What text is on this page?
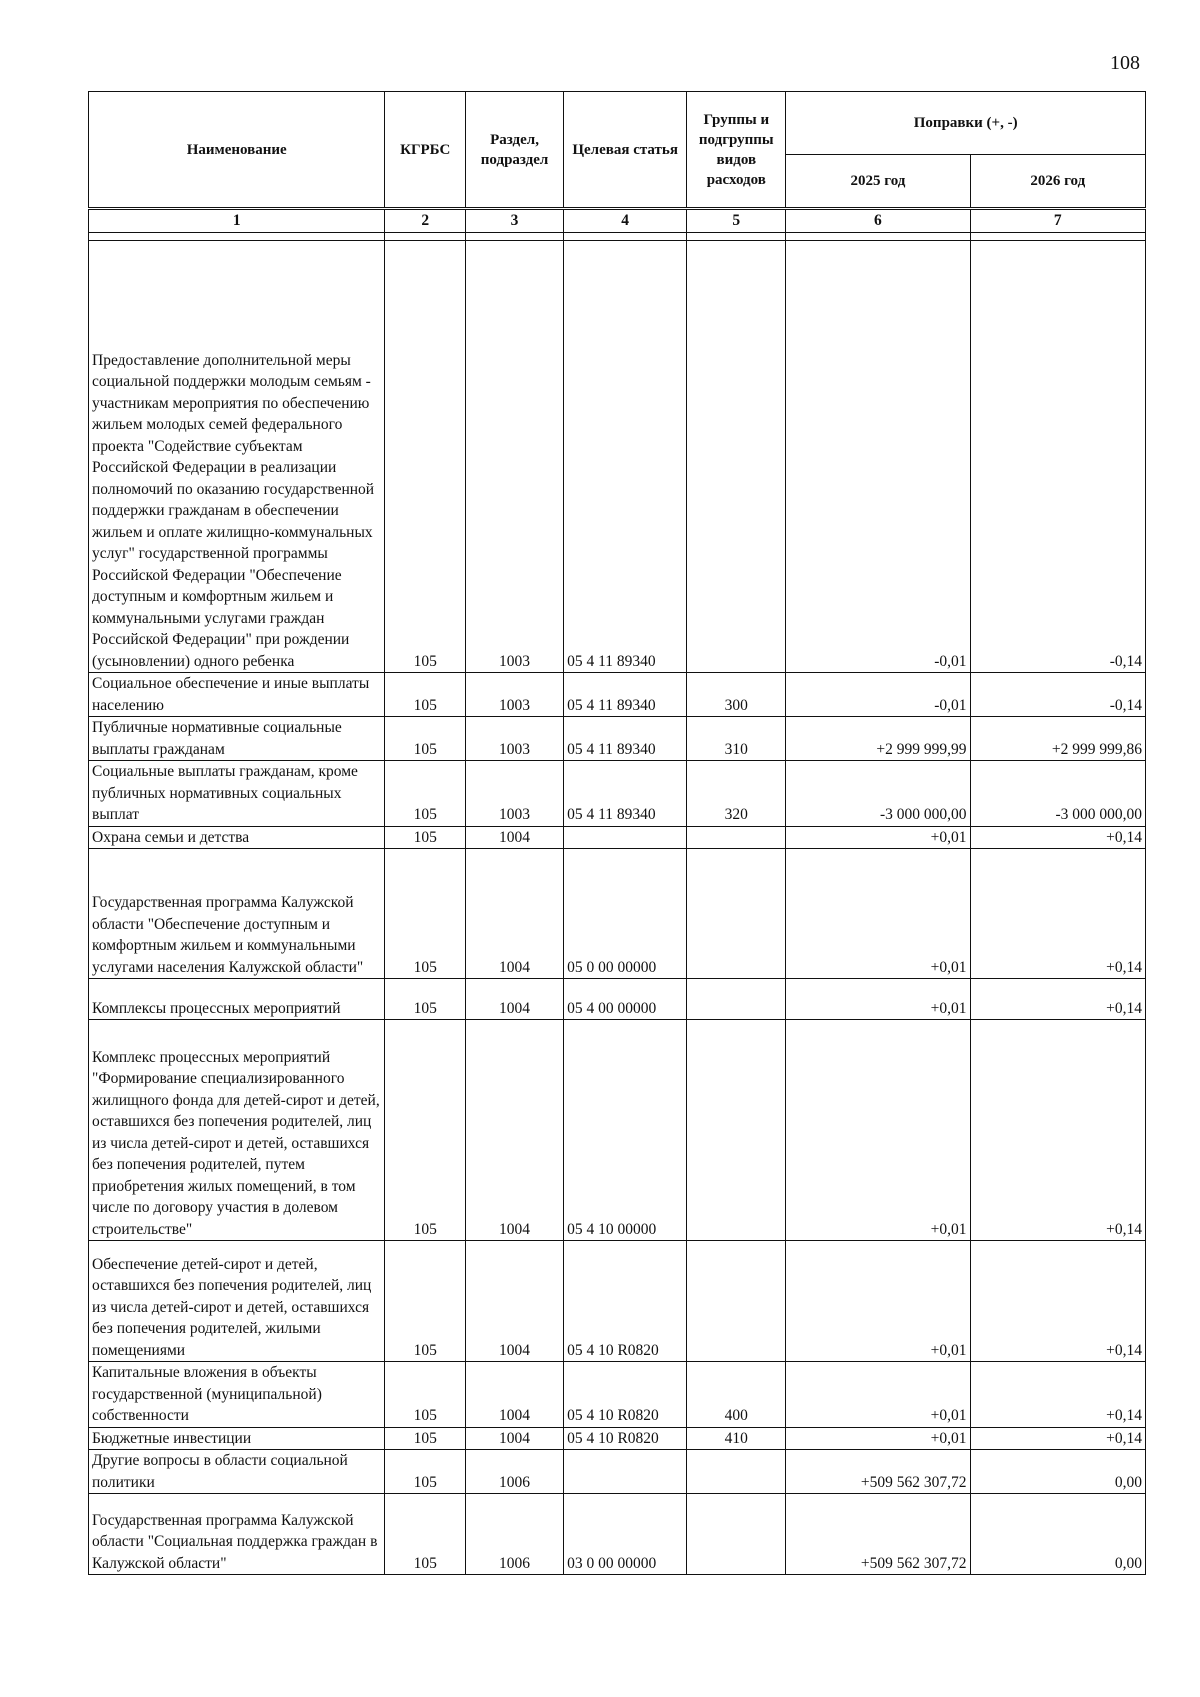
108
Наименование	КГРБС	Раздел, подраздел	Целевая статья	Группы и подгруппы видов расходов	Поправки (+, -)	
					2025 год	2026 год
1	2	3	4	5	6	7

Предоставление дополнительной меры социальной поддержки молодым семьям - участникам мероприятия по обеспечению жильем молодых семей федерального проекта "Содействие субъектам Российской Федерации в реализации полномочий по оказанию государственной поддержки гражданам в обеспечении жильем и оплате жилищно-коммунальных услуг" государственной программы Российской Федерации "Обеспечение доступным и комфортным жильем и коммунальными услугами граждан Российской Федерации" при рождении (усыновлении) одного ребенка	105	1003	05 4 11 89340		-0,01	-0,14
Социальное обеспечение и иные выплаты населению	105	1003	05 4 11 89340	300	-0,01	-0,14
Публичные нормативные социальные выплаты гражданам	105	1003	05 4 11 89340	310	+2 999 999,99	+2 999 999,86
Социальные выплаты гражданам, кроме публичных нормативных социальных выплат	105	1003	05 4 11 89340	320	-3 000 000,00	-3 000 000,00
Охрана семьи и детства	105	1004			+0,01	+0,14
Государственная программа Калужской области "Обеспечение доступным и комфортным жильем и коммунальными услугами населения Калужской области"	105	1004	05 0 00 00000		+0,01	+0,14
Комплексы процессных мероприятий	105	1004	05 4 00 00000		+0,01	+0,14
Комплекс процессных мероприятий "Формирование специализированного жилищного фонда для детей-сирот и детей, оставшихся без попечения родителей, лиц из числа детей-сирот и детей, оставшихся без попечения родителей, путем приобретения жилых помещений, в том числе по договору участия в долевом строительстве"	105	1004	05 4 10 00000		+0,01	+0,14
Обеспечение детей-сирот и детей, оставшихся без попечения родителей, лиц из числа детей-сирот и детей, оставшихся без попечения родителей, жилыми помещениями	105	1004	05 4 10 R0820		+0,01	+0,14
Капитальные вложения в объекты государственной (муниципальной) собственности	105	1004	05 4 10 R0820	400	+0,01	+0,14
Бюджетные инвестиции	105	1004	05 4 10 R0820	410	+0,01	+0,14
Другие вопросы в области социальной политики	105	1006			+509 562 307,72	0,00
Государственная программа Калужской области "Социальная поддержка граждан в Калужской области"	105	1006	03 0 00 00000		+509 562 307,72	0,00
